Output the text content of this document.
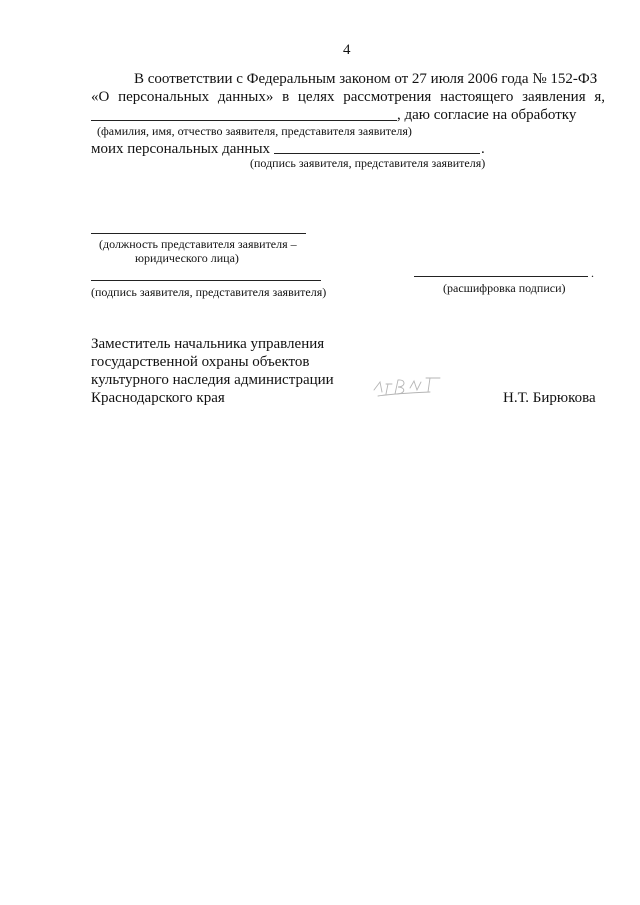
4
В соответствии с Федеральным законом от 27 июля 2006 года № 152-ФЗ
«О персональных данных» в целях рассмотрения настоящего заявления я,
, даю согласие на обработку
(фамилия, имя, отчество заявителя, представителя заявителя)
моих персональных данных	.
(подпись заявителя, представителя заявителя)
(должность представителя заявителя –
юридического лица)
(подпись заявителя, представителя заявителя)
.
(расшифровка подписи)
Заместитель начальника управления
государственной охраны объектов
культурного наследия администрации
Краснодарского края	Н.Т. Бирюкова
